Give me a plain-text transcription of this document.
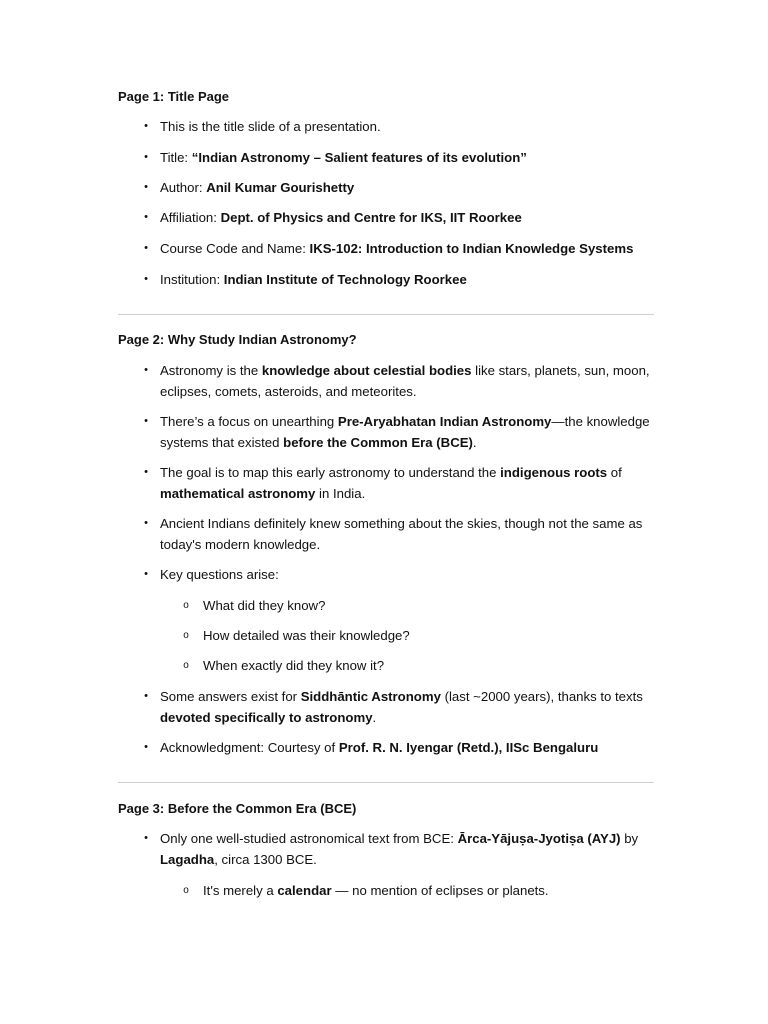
Page 1: Title Page
• This is the title slide of a presentation.
• Title: “Indian Astronomy – Salient features of its evolution”
• Author: Anil Kumar Gourishetty
• Affiliation: Dept. of Physics and Centre for IKS, IIT Roorkee
• Course Code and Name: IKS-102: Introduction to Indian Knowledge Systems
• Institution: Indian Institute of Technology Roorkee
Page 2: Why Study Indian Astronomy?
• Astronomy is the knowledge about celestial bodies like stars, planets, sun, moon, eclipses, comets, asteroids, and meteorites.
• There’s a focus on unearthing Pre-Aryabhatan Indian Astronomy—the knowledge systems that existed before the Common Era (BCE).
• The goal is to map this early astronomy to understand the indigenous roots of mathematical astronomy in India.
• Ancient Indians definitely knew something about the skies, though not the same as today's modern knowledge.
• Key questions arise:
o What did they know?
o How detailed was their knowledge?
o When exactly did they know it?
• Some answers exist for Siddhāntic Astronomy (last ~2000 years), thanks to texts devoted specifically to astronomy.
• Acknowledgment: Courtesy of Prof. R. N. Iyengar (Retd.), IISc Bengaluru
Page 3: Before the Common Era (BCE)
• Only one well-studied astronomical text from BCE: Ārca-Yājuṣa-Jyotiṣa (AYJ) by Lagadha, circa 1300 BCE.
o It's merely a calendar — no mention of eclipses or planets.
